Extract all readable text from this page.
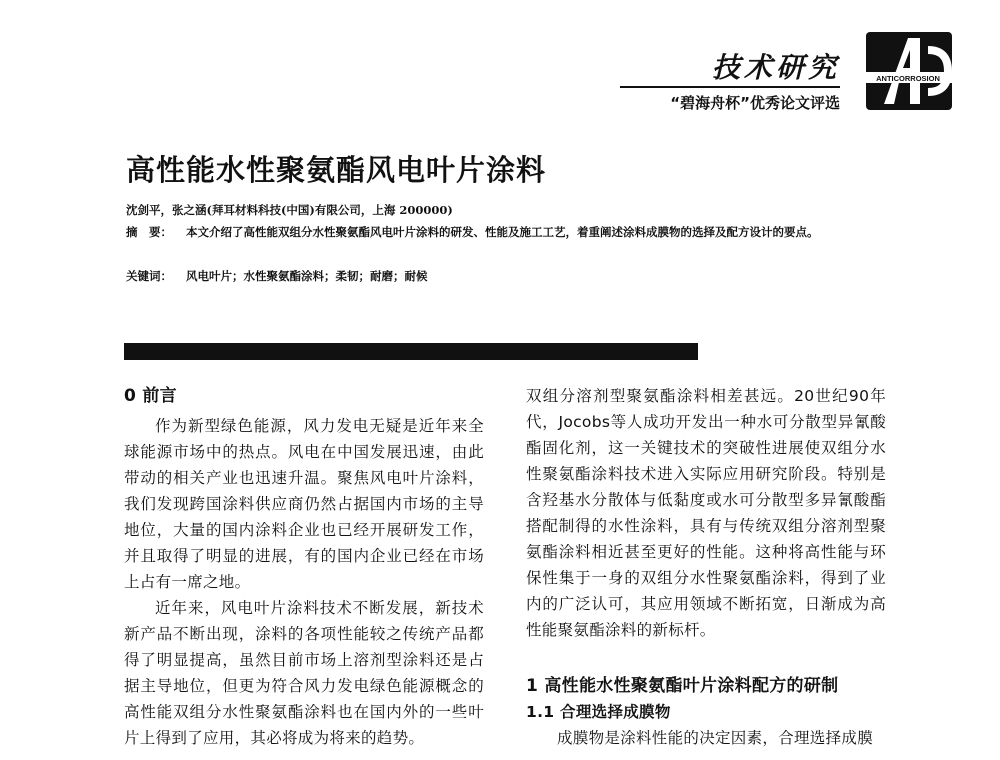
技术研究
“碧海舟杯”优秀论文评选
ANTICORROSION
高性能水性聚氨酯风电叶片涂料
沈剑平，张之涵(拜耳材料科技(中国)有限公司，上海 200000)
摘　要： 本文介绍了高性能双组分水性聚氨酯风电叶片涂料的研发、性能及施工工艺，着重阐述涂料成膜物的选择及配方设计的要点。
关键词： 风电叶片；水性聚氨酯涂料；柔韧；耐磨；耐候
0 前言

作为新型绿色能源，风力发电无疑是近年来全球能源市场中的热点。风电在中国发展迅速，由此带动的相关产业也迅速升温。聚焦风电叶片涂料，我们发现跨国涂料供应商仍然占据国内市场的主导地位，大量的国内涂料企业也已经开展研发工作，并且取得了明显的进展，有的国内企业已经在市场上占有一席之地。

近年来，风电叶片涂料技术不断发展，新技术新产品不断出现，涂料的各项性能较之传统产品都得了明显提高，虽然目前市场上溶剂型涂料还是占据主导地位，但更为符合风力发电绿色能源概念的高性能双组分水性聚氨酯涂料也在国内外的一些叶片上得到了应用，其必将成为将来的趋势。

双组分溶剂型聚氨酯涂料相差甚远。20世纪90年代，Jocobs等人成功开发出一种水可分散型异氰酸酯固化剂，这一关键技术的突破性进展使双组分水性聚氨酯涂料技术进入实际应用研究阶段。特别是含羟基水分散体与低黏度或水可分散型多异氰酸酯搭配制得的水性涂料，具有与传统双组分溶剂型聚氨酯涂料相近甚至更好的性能。这种将高性能与环保性集于一身的双组分水性聚氨酯涂料，得到了业内的广泛认可，其应用领域不断拓宽，日渐成为高性能聚氨酯涂料的新标杆。

1 高性能水性聚氨酯叶片涂料配方的研制
1.1 合理选择成膜物

成膜物是涂料性能的决定因素，合理选择成膜
